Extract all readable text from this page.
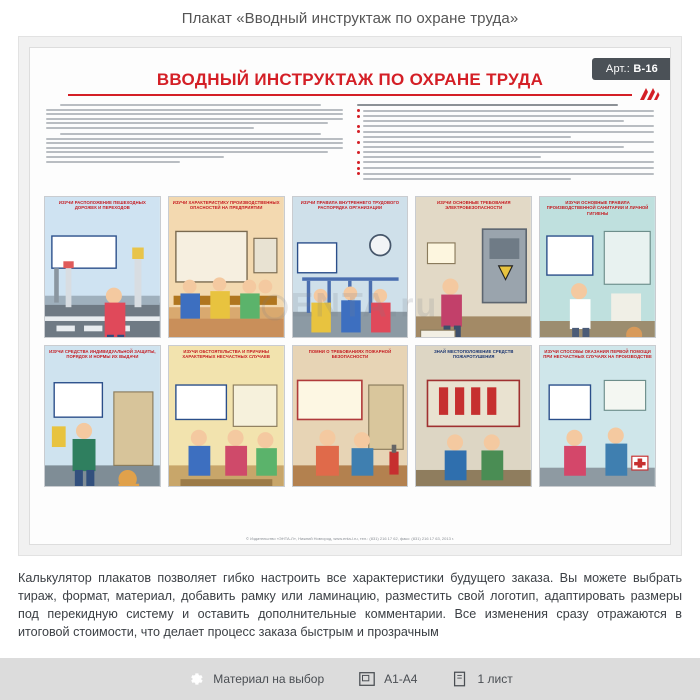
Плакат «Вводный инструктаж по охране труда»
Арт.: В-16
ВВОДНЫЙ ИНСТРУКТАЖ ПО ОХРАНЕ ТРУДА
ИЗУЧИ РАСПОЛОЖЕНИЕ ПЕШЕХОДНЫХ ДОРОЖЕК И ПЕРЕХОДОВ
ИЗУЧИ ХАРАКТЕРИСТИКУ ПРОИЗВОДСТВЕННЫХ ОПАСНОСТЕЙ НА ПРЕДПРИЯТИИ
ИЗУЧИ ПРАВИЛА ВНУТРЕННЕГО ТРУДОВОГО РАСПОРЯДКА ОРГАНИЗАЦИИ
ИЗУЧИ ОСНОВНЫЕ ТРЕБОВАНИЯ ЭЛЕКТРОБЕЗОПАСНОСТИ
ИЗУЧИ ОСНОВНЫЕ ПРАВИЛА ПРОИЗВОДСТВЕННОЙ САНИТАРИИ И ЛИЧНОЙ ГИГИЕНЫ
ИЗУЧИ СРЕДСТВА ИНДИВИДУАЛЬНОЙ ЗАЩИТЫ, ПОРЯДОК И НОРМЫ ИХ ВЫДАЧИ
ИЗУЧИ ОБСТОЯТЕЛЬСТВА И ПРИЧИНЫ ХАРАКТЕРНЫХ НЕСЧАСТНЫХ СЛУЧАЕВ
ПОМНИ О ТРЕБОВАНИЯХ ПОЖАРНОЙ БЕЗОПАСНОСТИ
ЗНАЙ МЕСТОПОЛОЖЕНИЕ СРЕДСТВ ПОЖАРОТУШЕНИЯ
ИЗУЧИ СПОСОБЫ ОКАЗАНИЯ ПЕРВОЙ ПОМОЩИ ПРИ НЕСЧАСТНЫХ СЛУЧАЯХ НА ПРОИЗВОДСТВЕ
© Издательство «ЭНТА-Л», Нижний Новгород, www.enta-l.ru, тел.: (831) 216 17 62, факс: (831) 216 17 63, 2013 г.
Калькулятор плакатов позволяет гибко настроить все характеристики будущего заказа. Вы можете выбрать тираж, формат, материал, добавить рамку или ламинацию, разместить свой логотип, адаптировать размеры под перекидную систему и оставить дополнительные комментарии. Все изменения сразу отражаются в итоговой стоимости, что делает процесс заказа быстрым и прозрачным
Материал на выбор	A1-A4	1 лист
